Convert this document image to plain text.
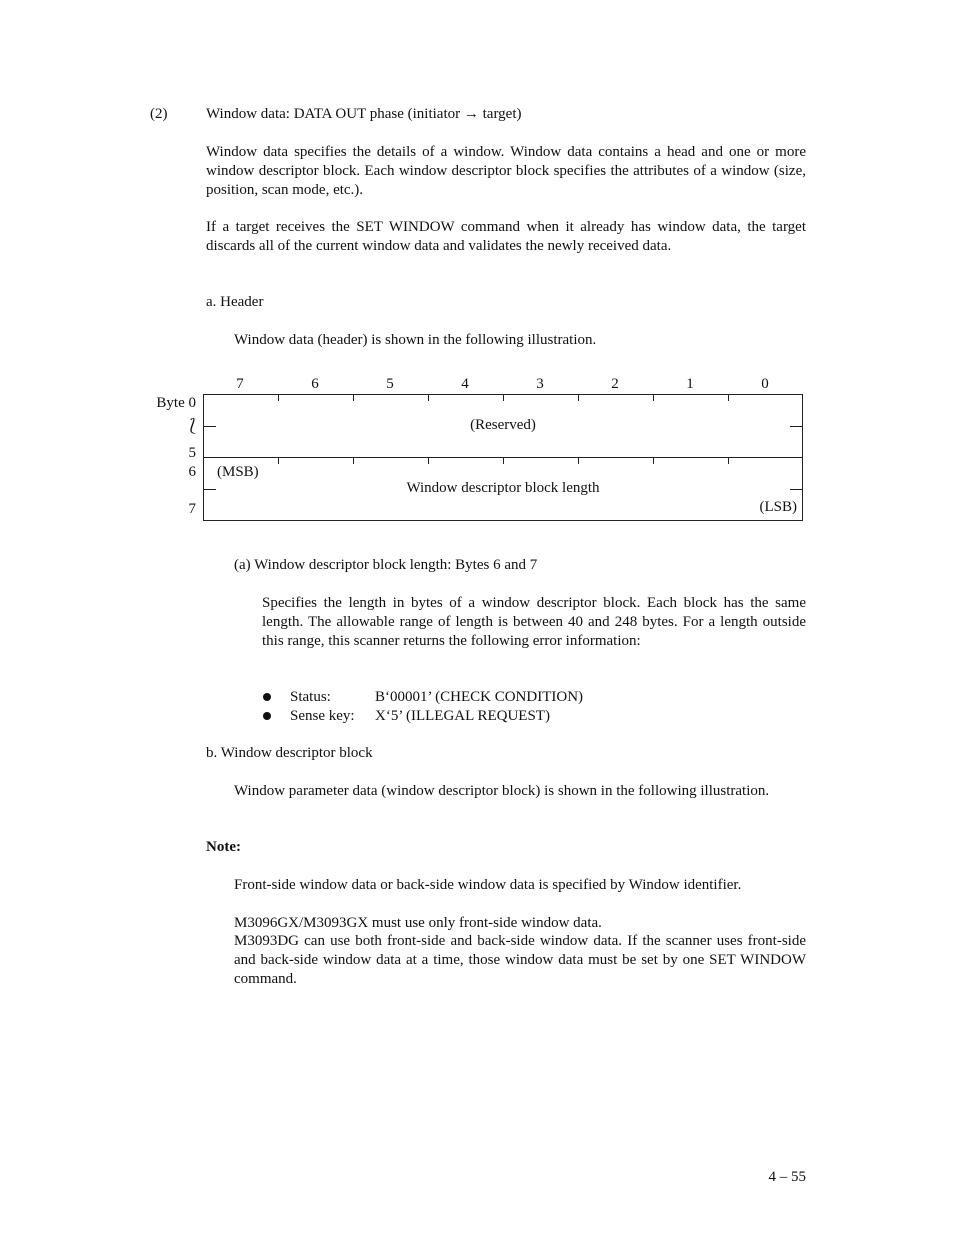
(2)	Window data: DATA OUT phase (initiator → target)

Window data specifies the details of a window. Window data contains a head and one or more window descriptor block. Each window descriptor block specifies the attributes of a window (size, position, scan mode, etc.).

If a target receives the SET WINDOW command when it already has window data, the target discards all of the current window data and validates the newly received data.

a. Header
Window data (header) is shown in the following illustration.
7	6	5	4	3	2	1	0
Byte 0
⟅
5
6
7
(Reserved)
(MSB)
Window descriptor block length
(LSB)
(a) Window descriptor block length: Bytes 6 and 7

Specifies the length in bytes of a window descriptor block. Each block has the same length. The allowable range of length is between 40 and 248 bytes. For a length outside this range, this scanner returns the following error information:

Status:	B‘00001’ (CHECK CONDITION)
Sense key: X‘5’ (ILLEGAL REQUEST)
b. Window descriptor block

Window parameter data (window descriptor block) is shown in the following illustration.

Note:

Front-side window data or back-side window data is specified by Window identifier.

M3096GX/M3093GX must use only front-side window data.

M3093DG can use both front-side and back-side window data. If the scanner uses front-side and back-side window data at a time, those window data must be set by one SET WINDOW command.

4 – 55
